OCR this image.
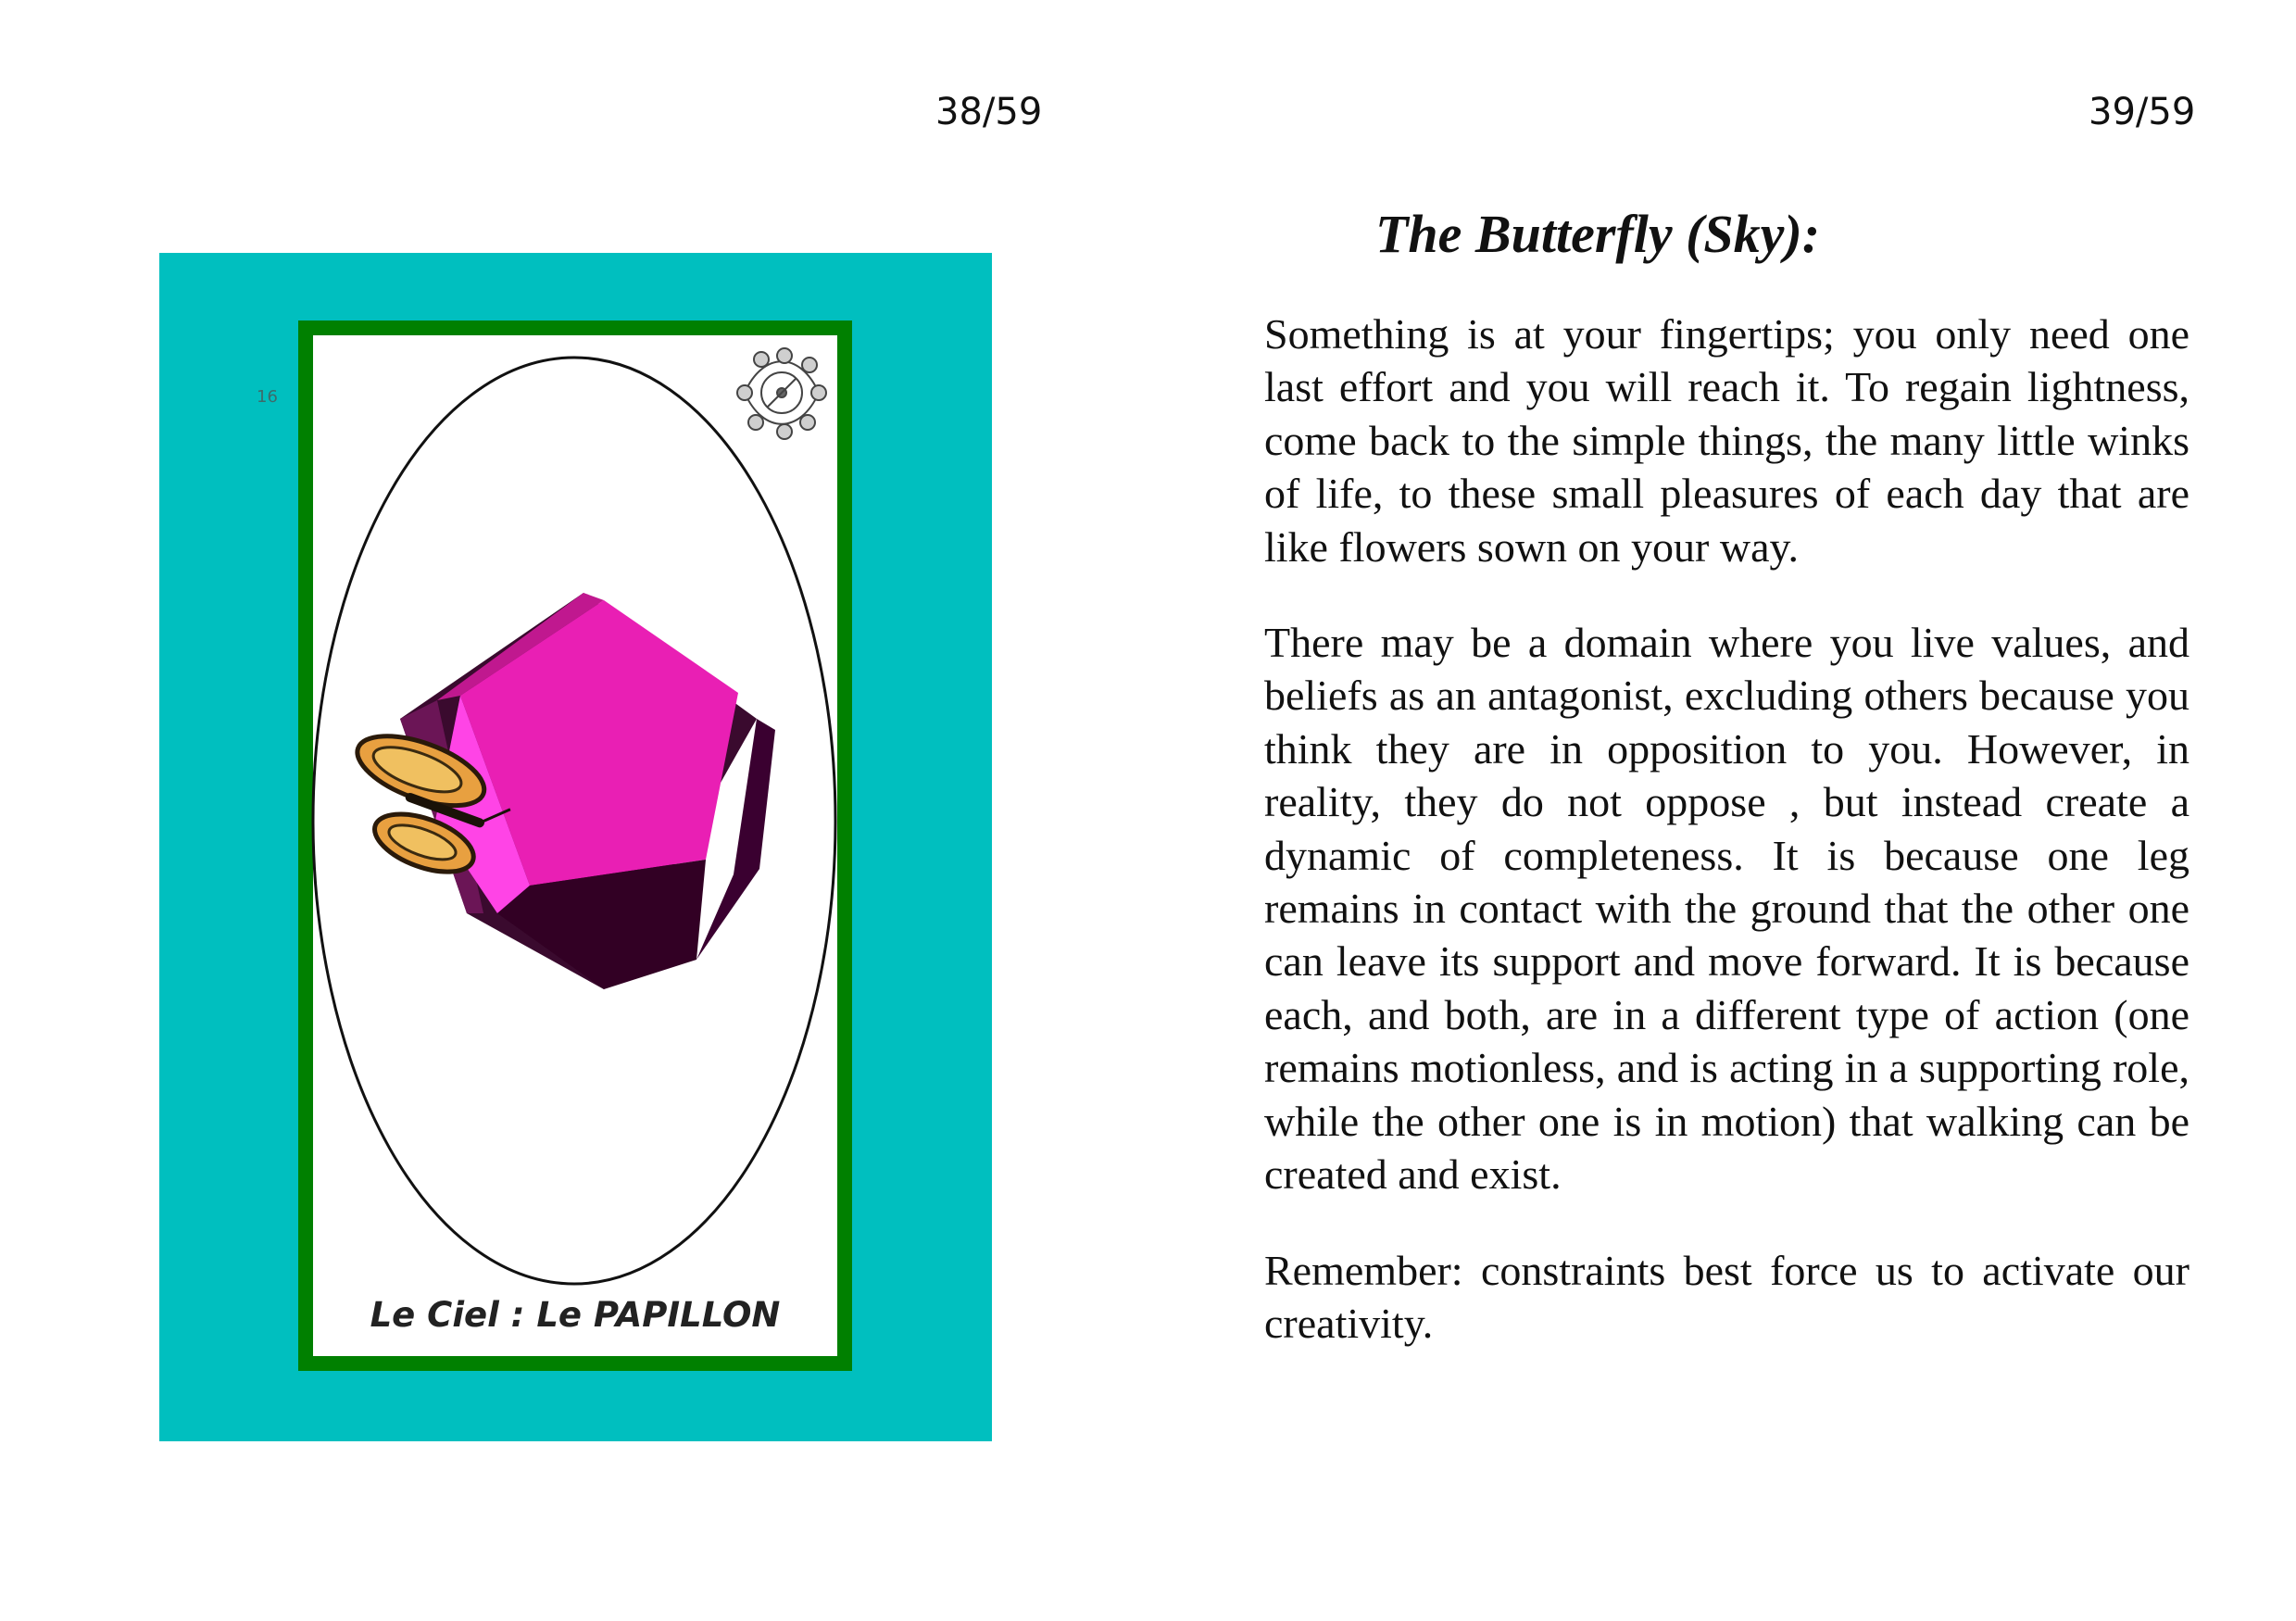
38/59	39/59
16
Le Ciel : Le PAPILLON
The Butterfly (Sky):

Something is at your fingertips; you only need one last effort and you will reach it. To regain lightness, come back to the simple things, the many little winks of life, to these small pleasures of each day that are like flowers sown on your way.

There may be a domain where you live values, and beliefs as an antagonist, excluding others because you think they are in opposition to you. However, in reality, they do not oppose , but instead create a dynamic of completeness. It is because one leg remains in contact with the ground that the other one can leave its support and move forward. It is because each, and both, are in a different type of action (one remains motionless, and is acting in a supporting role, while the other one is in motion) that walking can be created and exist.

Remember: constraints best force us to activate our creativity.
